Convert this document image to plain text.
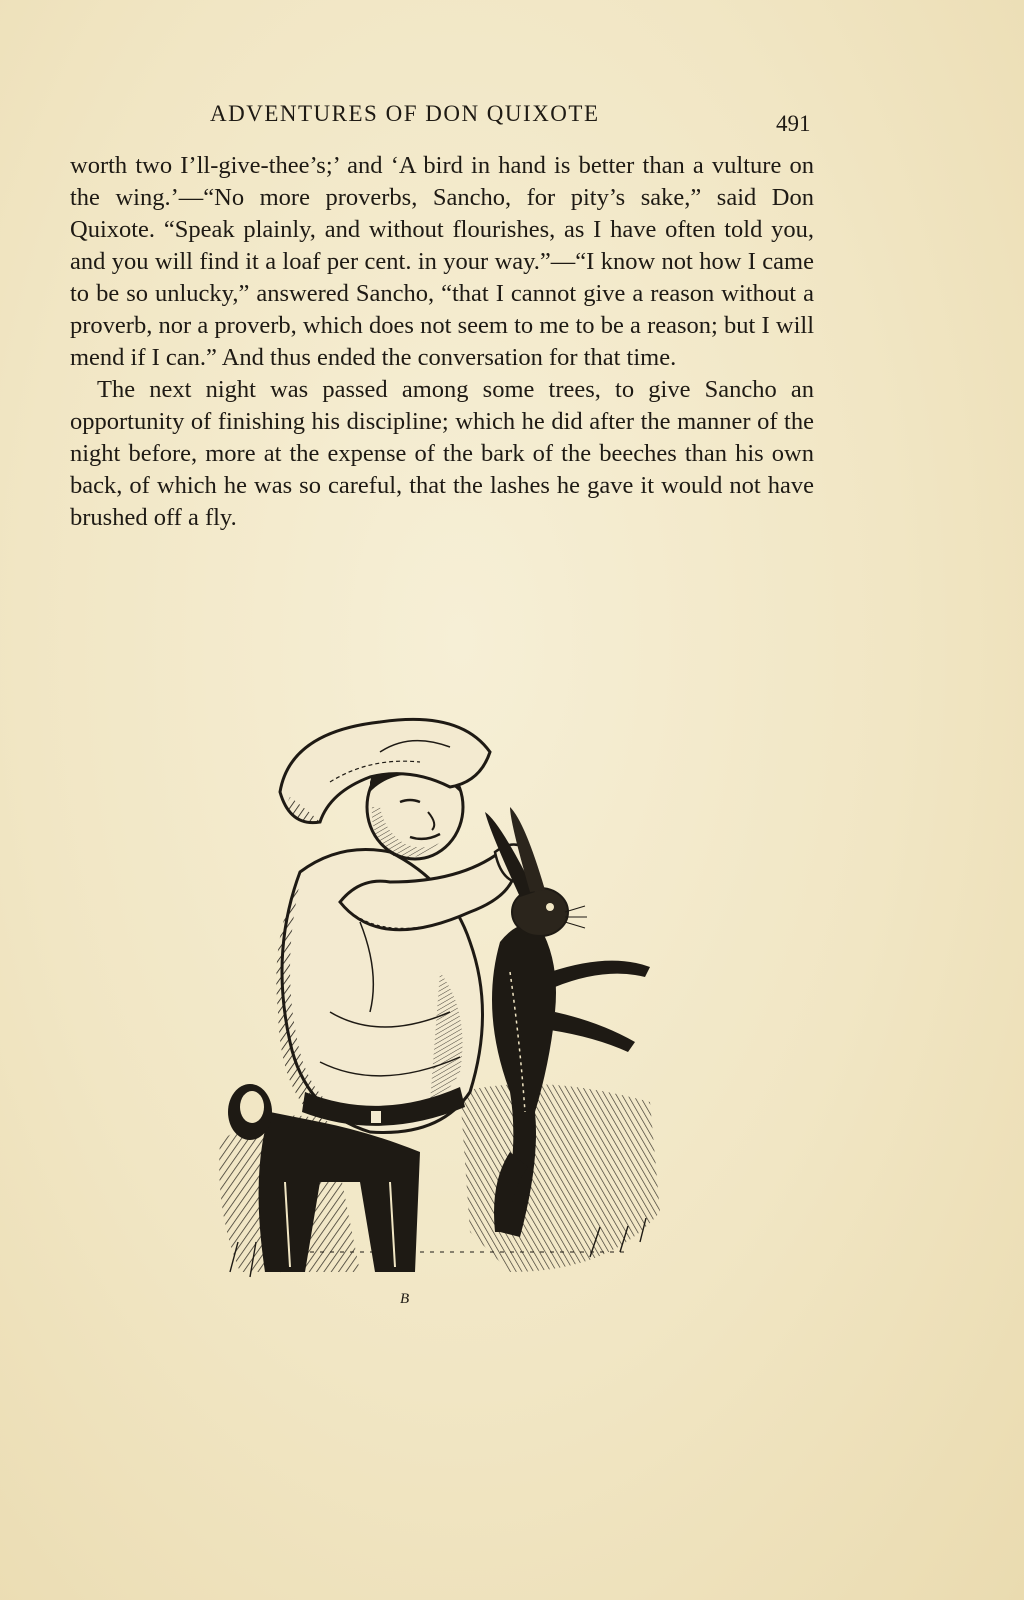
ADVENTURES OF DON QUIXOTE	491

worth two I’ll-give-thee’s;’ and ‘A bird in hand is better than a vulture on the wing.’—“No more proverbs, Sancho, for pity’s sake,” said Don Quixote. “Speak plainly, and without flourishes, as I have often told you, and you will find it a loaf per cent. in your way.”—“I know not how I came to be so unlucky,” answered Sancho, “that I cannot give a reason without a proverb, nor a proverb, which does not seem to me to be a reason; but I will mend if I can.” And thus ended the conversation for that time.

The next night was passed among some trees, to give Sancho an opportunity of finishing his discipline; which he did after the manner of the night before, more at the expense of the bark of the beeches than his own back, of which he was so careful, that the lashes he gave it would not have brushed off a fly.

B
